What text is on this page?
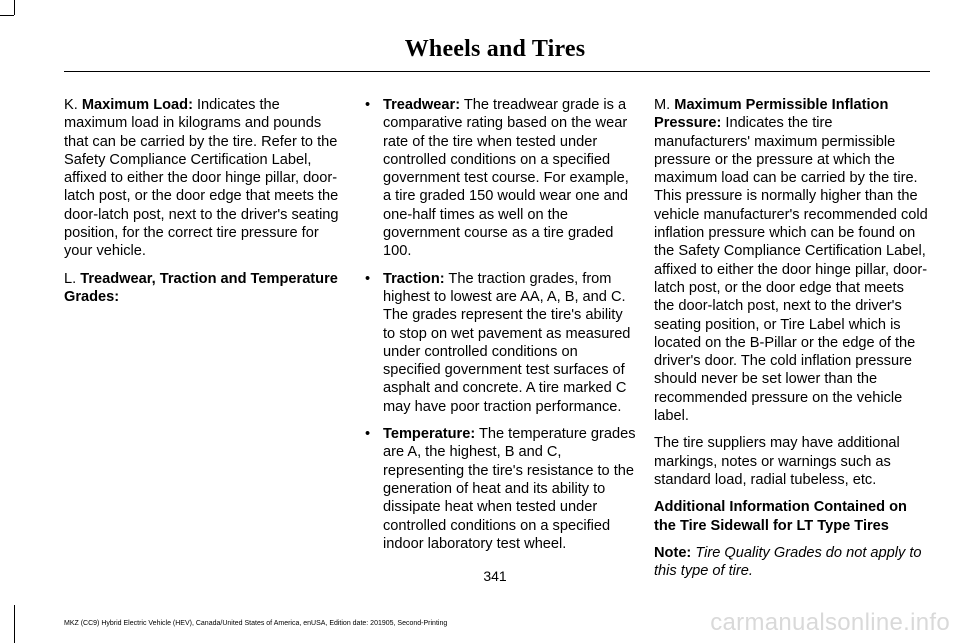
Wheels and Tires

K. Maximum Load: Indicates the maximum load in kilograms and pounds that can be carried by the tire. Refer to the Safety Compliance Certification Label, affixed to either the door hinge pillar, door-latch post, or the door edge that meets the door-latch post, next to the driver's seating position, for the correct tire pressure for your vehicle.

L. Treadwear, Traction and Temperature Grades:

• Treadwear: The treadwear grade is a comparative rating based on the wear rate of the tire when tested under controlled conditions on a specified government test course. For example, a tire graded 150 would wear one and one-half times as well on the government course as a tire graded 100.
• Traction: The traction grades, from highest to lowest are AA, A, B, and C. The grades represent the tire's ability to stop on wet pavement as measured under controlled conditions on specified government test surfaces of asphalt and concrete. A tire marked C may have poor traction performance.
• Temperature: The temperature grades are A, the highest, B and C, representing the tire's resistance to the generation of heat and its ability to dissipate heat when tested under controlled conditions on a specified indoor laboratory test wheel.

M. Maximum Permissible Inflation Pressure: Indicates the tire manufacturers' maximum permissible pressure or the pressure at which the maximum load can be carried by the tire. This pressure is normally higher than the vehicle manufacturer's recommended cold inflation pressure which can be found on the Safety Compliance Certification Label, affixed to either the door hinge pillar, door-latch post, or the door edge that meets the door-latch post, next to the driver's seating position, or Tire Label which is located on the B-Pillar or the edge of the driver's door. The cold inflation pressure should never be set lower than the recommended pressure on the vehicle label.

The tire suppliers may have additional markings, notes or warnings such as standard load, radial tubeless, etc.

Additional Information Contained on the Tire Sidewall for LT Type Tires

Note: Tire Quality Grades do not apply to this type of tire.

341
MKZ (CC9) Hybrid Electric Vehicle (HEV), Canada/United States of America, enUSA, Edition date: 201905, Second-Printing	carmanualsonline.info
